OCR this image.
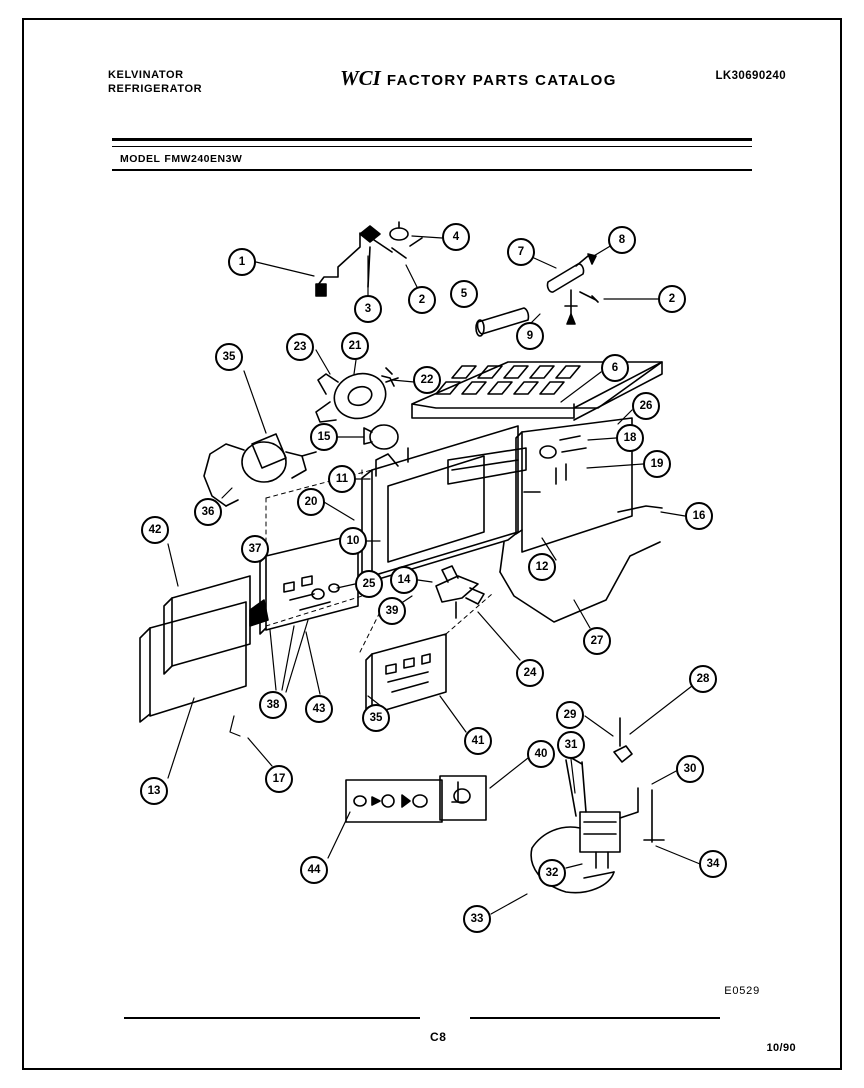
KELVINATOR
REFRIGERATOR	WCI FACTORY PARTS CATALOG	LK30690240
MODEL FMW240EN3W
1
2
3
4
5
6
7
8
9
2
10
11
12
13
14
15
16
17
18
19
20
21
22
23
24
25
26
27
28
29
30
31
32
33
34
35
36
37
38
39
35
40
41
42
43
44
E0529
C8
10/90
